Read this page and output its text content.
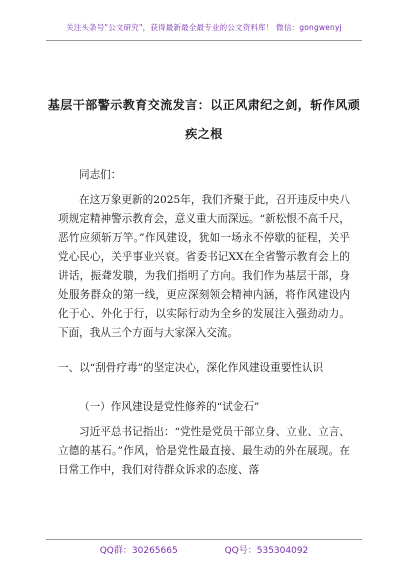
关注头条号"公文研究"，获得最新最全最专业的公文资料库！ 微信：gongwenyj
基层干部警示教育交流发言：以正风肃纪之剑，斩作风顽
疾之根

同志们：

在这万象更新的2025年，我们齐聚于此，召开违反中央八项规定精神警示教育会，意义重大而深远。“新松恨不高千尺，恶竹应须斩万竿。”作风建设，犹如一场永不停歇的征程，关乎党心民心，关乎事业兴衰。省委书记XX在全省警示教育会上的讲话，振聋发聩，为我们指明了方向。我们作为基层干部，身处服务群众的第一线，更应深刻领会精神内涵，将作风建设内化于心、外化于行，以实际行动为全乡的发展注入强劲动力。下面，我从三个方面与大家深入交流。

一、以“刮骨疗毒”的坚定决心，深化作风建设重要性认识

（一）作风建设是党性修养的“试金石”

习近平总书记指出：“党性是党员干部立身、立业、立言、立德的基石。”作风，恰是党性最直接、最生动的外在展现。在日常工作中，我们对待群众诉求的态度、落

QQ群：30265665	QQ号：535304092
